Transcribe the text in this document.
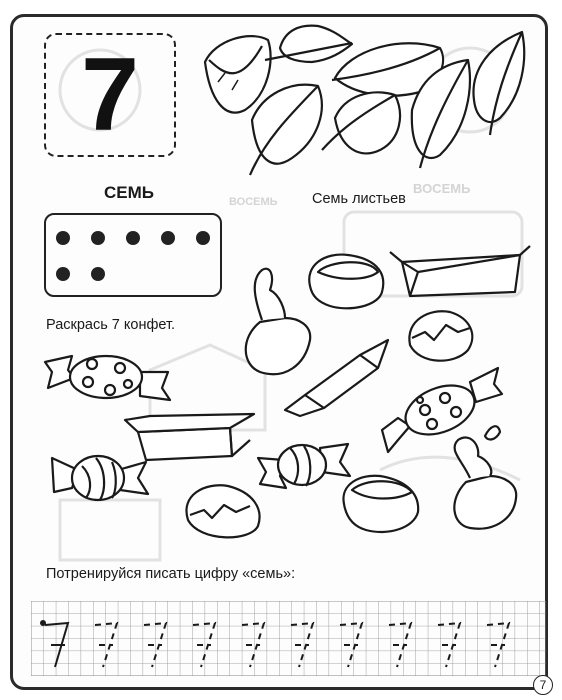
ВОСЕМЬ
ВОСЕМЬ
7
СЕМЬ	Семь листьев
Раскрась 7 конфет.
Потренируйся писать цифру «семь»:
7
